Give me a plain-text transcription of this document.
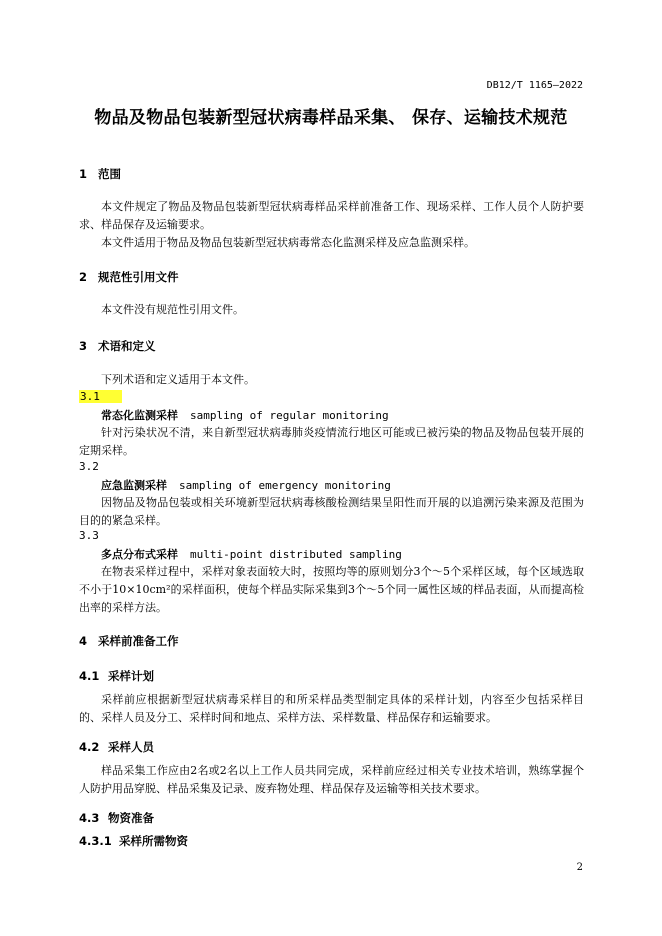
DB12/T 1165—2022
物品及物品包装新型冠状病毒样品采集、 保存、运输技术规范
1 范围

本文件规定了物品及物品包装新型冠状病毒样品采样前准备工作、现场采样、工作人员个人防护要求、样品保存及运输要求。

本文件适用于物品及物品包装新型冠状病毒常态化监测采样及应急监测采样。

2 规范性引用文件

本文件没有规范性引用文件。

3 术语和定义

下列术语和定义适用于本文件。

3.1
常态化监测采样 sampling of regular monitoring

针对污染状况不清，来自新型冠状病毒肺炎疫情流行地区可能或已被污染的物品及物品包装开展的定期采样。

3.2
应急监测采样 sampling of emergency monitoring

因物品及物品包装或相关环境新型冠状病毒核酸检测结果呈阳性而开展的以追溯污染来源及范围为目的的紧急采样。

3.3
多点分布式采样 multi-point distributed sampling

在物表采样过程中，采样对象表面较大时，按照均等的原则划分3个～5个采样区域，每个区域选取不小于10×10cm²的采样面积，使每个样品实际采集到3个～5个同一属性区域的样品表面，从而提高检出率的采样方法。

4 采样前准备工作
4.1 采样计划

采样前应根据新型冠状病毒采样目的和所采样品类型制定具体的采样计划，内容至少包括采样目的、采样人员及分工、采样时间和地点、采样方法、采样数量、样品保存和运输要求。

4.2 采样人员

样品采集工作应由2名或2名以上工作人员共同完成，采样前应经过相关专业技术培训，熟练掌握个人防护用品穿脱、样品采集及记录、废弃物处理、样品保存及运输等相关技术要求。

4.3 物资准备
4.3.1 采样所需物资
2
